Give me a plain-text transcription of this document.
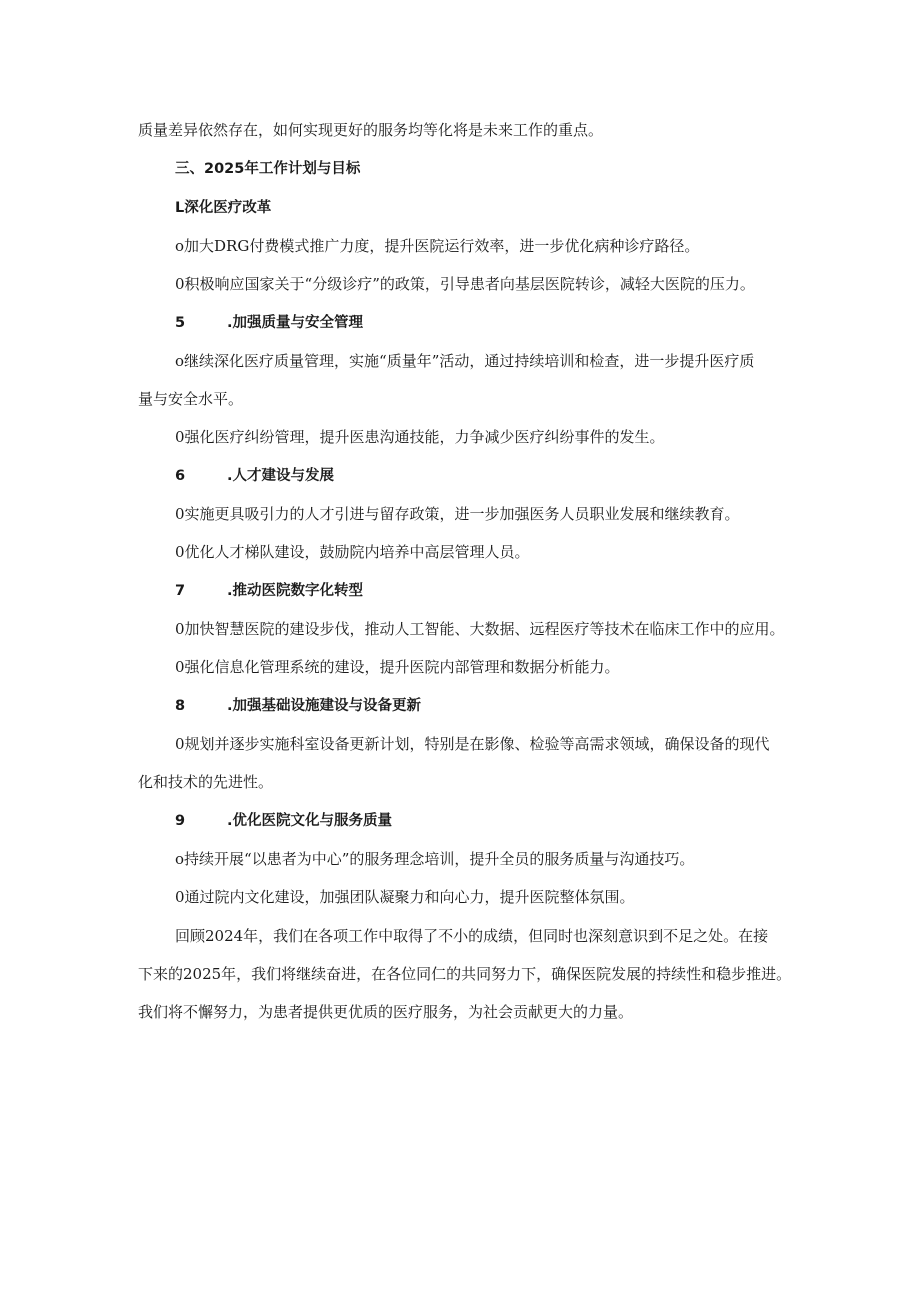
质量差异依然存在，如何实现更好的服务均等化将是未来工作的重点。
三、2025年工作计划与目标
L深化医疗改革
o加大DRG付费模式推广力度，提升医院运行效率，进一步优化病种诊疗路径。
0积极响应国家关于“分级诊疗”的政策，引导患者向基层医院转诊，减轻大医院的压力。
5	.加强质量与安全管理
o继续深化医疗质量管理，实施“质量年”活动，通过持续培训和检查，进一步提升医疗质
量与安全水平。
0强化医疗纠纷管理，提升医患沟通技能，力争减少医疗纠纷事件的发生。
6	.人才建设与发展
0实施更具吸引力的人才引进与留存政策，进一步加强医务人员职业发展和继续教育。
0优化人才梯队建设，鼓励院内培养中高层管理人员。
7	.推动医院数字化转型
0加快智慧医院的建设步伐，推动人工智能、大数据、远程医疗等技术在临床工作中的应用。
0强化信息化管理系统的建设，提升医院内部管理和数据分析能力。
8	.加强基础设施建设与设备更新
0规划并逐步实施科室设备更新计划，特别是在影像、检验等高需求领域，确保设备的现代
化和技术的先进性。
9	.优化医院文化与服务质量
o持续开展“以患者为中心”的服务理念培训，提升全员的服务质量与沟通技巧。
0通过院内文化建设，加强团队凝聚力和向心力，提升医院整体氛围。
回顾2024年，我们在各项工作中取得了不小的成绩，但同时也深刻意识到不足之处。在接
下来的2025年，我们将继续奋进，在各位同仁的共同努力下，确保医院发展的持续性和稳步推进。
我们将不懈努力，为患者提供更优质的医疗服务，为社会贡献更大的力量。
